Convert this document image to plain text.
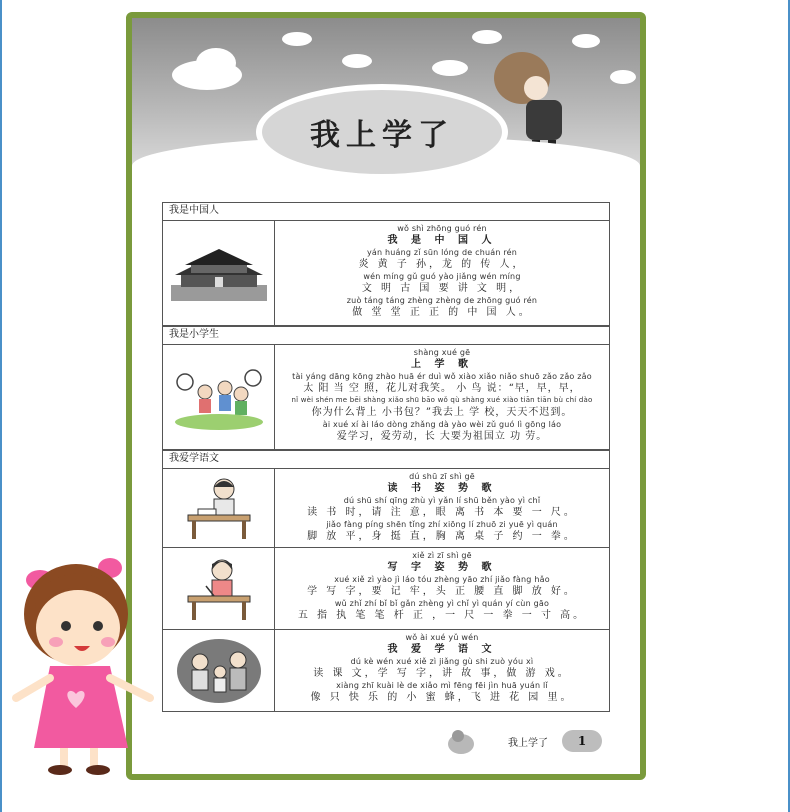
我上学了
我是中国人
wǒ shì zhōng guó rén
我 是 中 国 人
yán huáng zǐ sūn lóng de chuán rén
炎 黄 子 孙，龙 的 传 人，
wén míng gǔ guó yào jiǎng wén míng
文 明 古 国 要 讲 文 明，
zuò táng táng zhèng zhèng de zhōng guó rén
做 堂 堂 正 正 的 中 国 人。
我是小学生
shàng xué gē
上 学 歌
tài yáng dāng kōng zhào huā ér duì wǒ xiào xiǎo niǎo shuō zǎo zǎo zǎo
太 阳 当 空 照，花儿对我笑。 小 鸟 说：“早，早，早，
nǐ wèi shén me bēi shàng xiǎo shū bāo wǒ qù shàng xué xiào tiān tiān bù chí dào
你为什么背上 小书包？”我去上 学 校，天天不迟到。
ài xué xí ài láo dòng zhǎng dà yào wèi zǔ guó lì gōng láo
爱学习，爱劳动，长 大要为祖国立 功 劳。
我爱学语文
dú shū zī shì gē
读 书 姿 势 歌
dú shū shí qīng zhù yì yǎn lí shū běn yào yì chǐ
读 书 时，请 注 意，眼 离 书 本 要 一 尺。
jiǎo fàng píng shēn tǐng zhí xiōng lí zhuō zi yuē yì quán
脚 放 平，身 挺 直，胸 离 桌 子 约 一 拳。
xiě zì zī shì gē
写 字 姿 势 歌
xué xiě zì yào jì láo tóu zhèng yāo zhí jiǎo fàng hǎo
学 写 字，要 记 牢，头 正 腰 直 脚 放 好。
wǔ zhǐ zhí bǐ bǐ gǎn zhèng yì chǐ yì quán yí cùn gāo
五 指 执 笔 笔 杆 正 ，一 尺 一 拳 一 寸 高。
wǒ ài xué yǔ wén
我 爱 学 语 文
dú kè wén xué xiě zì jiǎng gù shi zuò yóu xì
读 课 文，学 写 字，讲 故 事，做 游 戏。
xiàng zhī kuài lè de xiǎo mì fēng fēi jìn huā yuán lǐ
像 只 快 乐 的 小 蜜 蜂，飞 进 花 园 里。
我上学了	1
